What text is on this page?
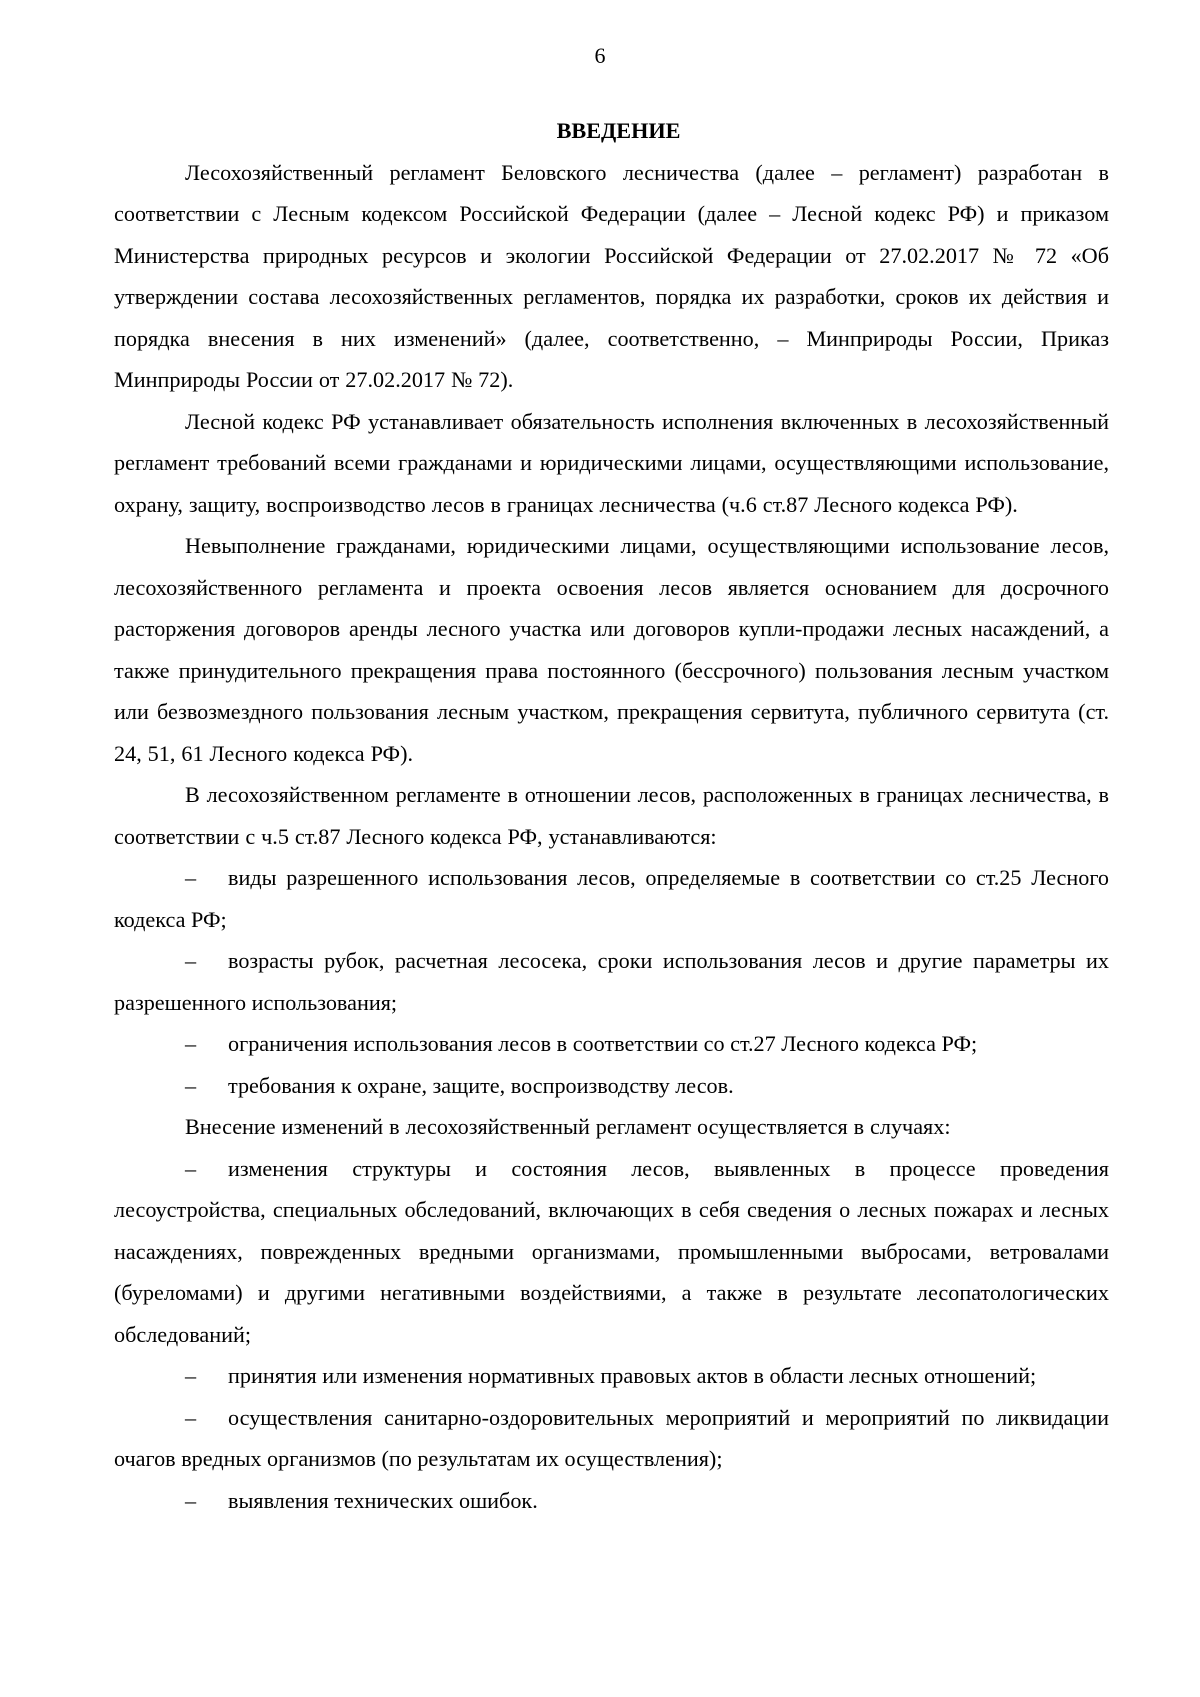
6

ВВЕДЕНИЕ

Лесохозяйственный регламент Беловского лесничества (далее – регламент) разработан в соответствии с Лесным кодексом Российской Федерации (далее – Лесной кодекс РФ) и приказом Министерства природных ресурсов и экологии Российской Федерации от 27.02.2017 № 72 «Об утверждении состава лесохозяйственных регламентов, порядка их разработки, сроков их действия и порядка внесения в них изменений» (далее, соответственно, – Минприроды России, Приказ Минприроды России от 27.02.2017 № 72).

Лесной кодекс РФ устанавливает обязательность исполнения включенных в лесохозяйственный регламент требований всеми гражданами и юридическими лицами, осуществляющими использование, охрану, защиту, воспроизводство лесов в границах лесничества (ч.6 ст.87 Лесного кодекса РФ).

Невыполнение гражданами, юридическими лицами, осуществляющими использование лесов, лесохозяйственного регламента и проекта освоения лесов является основанием для досрочного расторжения договоров аренды лесного участка или договоров купли-продажи лесных насаждений, а также принудительного прекращения права постоянного (бессрочного) пользования лесным участком или безвозмездного пользования лесным участком, прекращения сервитута, публичного сервитута (ст. 24, 51, 61 Лесного кодекса РФ).

В лесохозяйственном регламенте в отношении лесов, расположенных в границах лесничества, в соответствии с ч.5 ст.87 Лесного кодекса РФ, устанавливаются:

– виды разрешенного использования лесов, определяемые в соответствии со ст.25 Лесного кодекса РФ;

– возрасты рубок, расчетная лесосека, сроки использования лесов и другие параметры их разрешенного использования;

– ограничения использования лесов в соответствии со ст.27 Лесного кодекса РФ;

– требования к охране, защите, воспроизводству лесов.

Внесение изменений в лесохозяйственный регламент осуществляется в случаях:

– изменения структуры и состояния лесов, выявленных в процессе проведения лесоустройства, специальных обследований, включающих в себя сведения о лесных пожарах и лесных насаждениях, поврежденных вредными организмами, промышленными выбросами, ветровалами (буреломами) и другими негативными воздействиями, а также в результате лесопатологических обследований;

– принятия или изменения нормативных правовых актов в области лесных отношений;

– осуществления санитарно-оздоровительных мероприятий и мероприятий по ликвидации очагов вредных организмов (по результатам их осуществления);

– выявления технических ошибок.
